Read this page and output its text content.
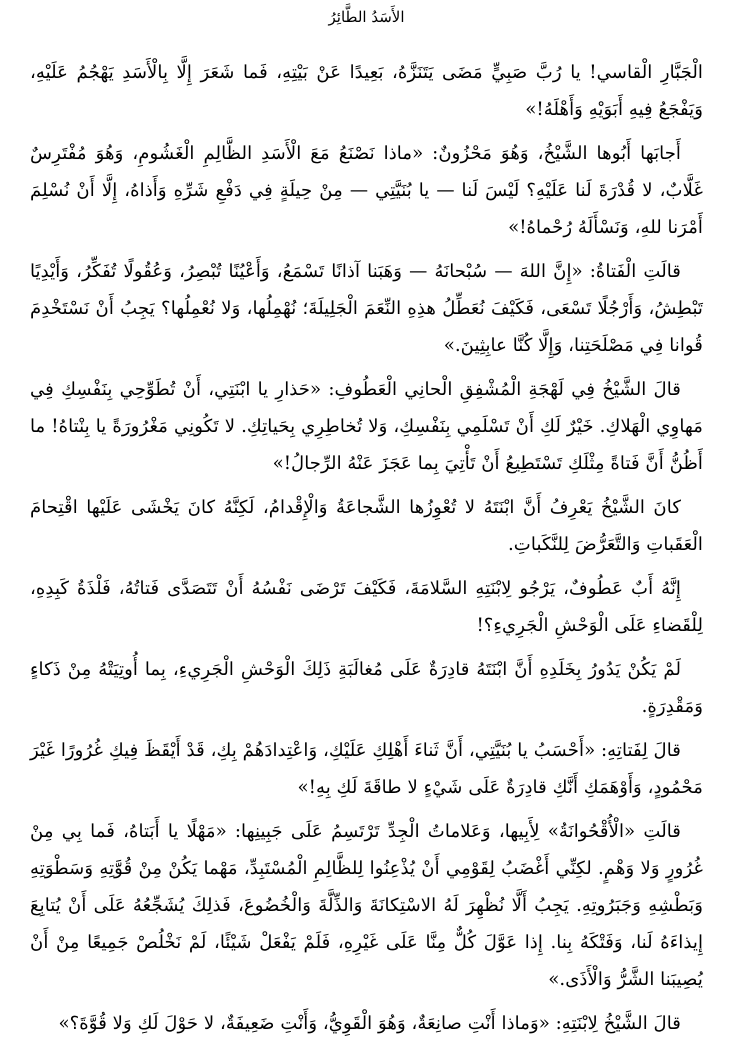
الأَسَدُ الطَّائِرُ

الْجَبَّارِ الْقاسي! يا رُبَّ صَبِيٍّ مَضَى يَتَنَزَّهُ، بَعِيدًا عَنْ بَيْتِهِ، فَما شَعَرَ إِلَّا بِالْأَسَدِ يَهْجُمُ عَلَيْهِ، وَيَفْجَعُ فِيهِ أَبَوَيْهِ وَأَهْلَهُ!»

أَجابَها أَبُوها الشَّيْخُ، وَهُوَ مَحْزُونٌ: «ماذا نَصْنَعُ مَعَ الْأَسَدِ الظَّالِمِ الْغَشُومِ، وَهُوَ مُفْتَرِسٌ غَلَّابٌ، لا قُدْرَةَ لَنا عَلَيْهِ؟ لَيْسَ لَنا — يا بُنَيَّتِي — مِنْ حِيلَةٍ فِي دَفْعِ شَرِّهِ وَأَذاهُ، إِلَّا أَنْ نُسْلِمَ أَمْرَنا للهِ، وَنَسْأَلَهُ رُحْماهُ!»

قالَتِ الْفَتاةُ: «إِنَّ اللهَ — سُبْحانَهُ — وَهَبَنا آذانًا تَسْمَعُ، وَأَعْيُنًا تُبْصِرُ، وَعُقُولًا تُفَكِّرُ، وَأَيْدِيًا تَبْطِشُ، وَأَرْجُلًا تَسْعَى، فَكَيْفَ نُعَطِّلُ هذِهِ النِّعَمَ الْجَلِيلَةَ؛ نُهْمِلُها، وَلا نُعْمِلُها؟ يَجِبُ أَنْ نَسْتَخْدِمَ قُوانا فِي مَصْلَحَتِنا، وَإِلَّا كُنَّا عابِثِينَ.»

قالَ الشَّيْخُ فِي لَهْجَةِ الْمُشْفِقِ الْحانِي الْعَطُوفِ: «حَذارِ يا ابْنَتِي، أَنْ تُطَوِّحِي بِنَفْسِكِ فِي مَهاوِي الْهَلاكِ. خَيْرٌ لَكِ أَنْ تَسْلَمِي بِنَفْسِكِ، وَلا تُخاطِرِي بِحَياتِكِ. لا تَكُونِي مَغْرُورَةً يا بِنْتاهُ! ما أَظُنُّ أَنَّ فَتاةً مِثْلَكِ تَسْتَطِيعُ أَنْ تَأْتِيَ بِما عَجَزَ عَنْهُ الرِّجالُ!»

كانَ الشَّيْخُ يَعْرِفُ أَنَّ ابْنَتَهُ لا تُعْوِزُها الشَّجاعَةُ وَالْإِقْدامُ، لَكِنَّهُ كانَ يَخْشَى عَلَيْها اقْتِحامَ الْعَقَباتِ وَالتَّعَرُّضَ لِلنَّكَباتِ.

إِنَّهُ أَبٌ عَطُوفٌ، يَرْجُو لِابْنَتِهِ السَّلامَةَ، فَكَيْفَ تَرْضَى نَفْسُهُ أَنْ تَتَصَدَّى فَتاتُهُ، فَلْذَةُ كَبِدِهِ، لِلْقَضاءِ عَلَى الْوَحْشِ الْجَرِيءِ؟!

لَمْ يَكُنْ يَدُورُ بِخَلَدِهِ أَنَّ ابْنَتَهُ قادِرَةٌ عَلَى مُغالَبَةِ ذَلِكَ الْوَحْشِ الْجَرِيءِ، بِما أُوتِيَتْهُ مِنْ ذَكاءٍ وَمَقْدِرَةٍ.

قالَ لِفَتاتِهِ: «أَحْسَبُ يا بُنَيَّتِي، أَنَّ ثَناءَ أَهْلِكِ عَلَيْكِ، وَاعْتِدادَهُمْ بِكِ، قَدْ أَيْقَظَ فِيكِ غُرُورًا غَيْرَ مَحْمُودٍ، وَأَوْهَمَكِ أَنَّكِ قادِرَةٌ عَلَى شَيْءٍ لا طاقَةَ لَكِ بِهِ!»

قالَتِ «الْأُقْحُوانَةُ» لِأَبِيها، وَعَلاماتُ الْجِدِّ تَرْتَسِمُ عَلَى جَبِينِها: «مَهْلًا يا أَبَتاهُ، فَما بِي مِنْ غُرُورٍ وَلا وَهْمٍ. لكِنِّي أَغْضَبُ لِقَوْمِي أَنْ يُذْعِنُوا لِلظَّالِمِ الْمُسْتَبِدِّ، مَهْما يَكُنْ مِنْ قُوَّتِهِ وَسَطْوَتِهِ وَبَطْشِهِ وَجَبَرُوتِهِ. يَجِبُ أَلَّا نُظْهِرَ لَهُ الاسْتِكانَةَ وَالذِّلَّةَ وَالْخُضُوعَ، فَذلِكَ يُشَجِّعُهُ عَلَى أَنْ يُتابِعَ إِيذاءَهُ لَنا، وَفَتْكَهُ بِنا. إِذا عَوَّلَ كُلٌّ مِنَّا عَلَى غَيْرِهِ، فَلَمْ يَفْعَلْ شَيْئًا، لَمْ نَخْلُصْ جَمِيعًا مِنْ أَنْ يُصِيبَنا الشَّرُّ وَالْأَذَى.»

قالَ الشَّيْخُ لِابْنَتِهِ: «وَماذا أَنْتِ صانِعَةٌ، وَهُوَ الْقَوِيُّ، وَأَنْتِ ضَعِيفَةٌ، لا حَوْلَ لَكِ وَلا قُوَّةَ؟»
